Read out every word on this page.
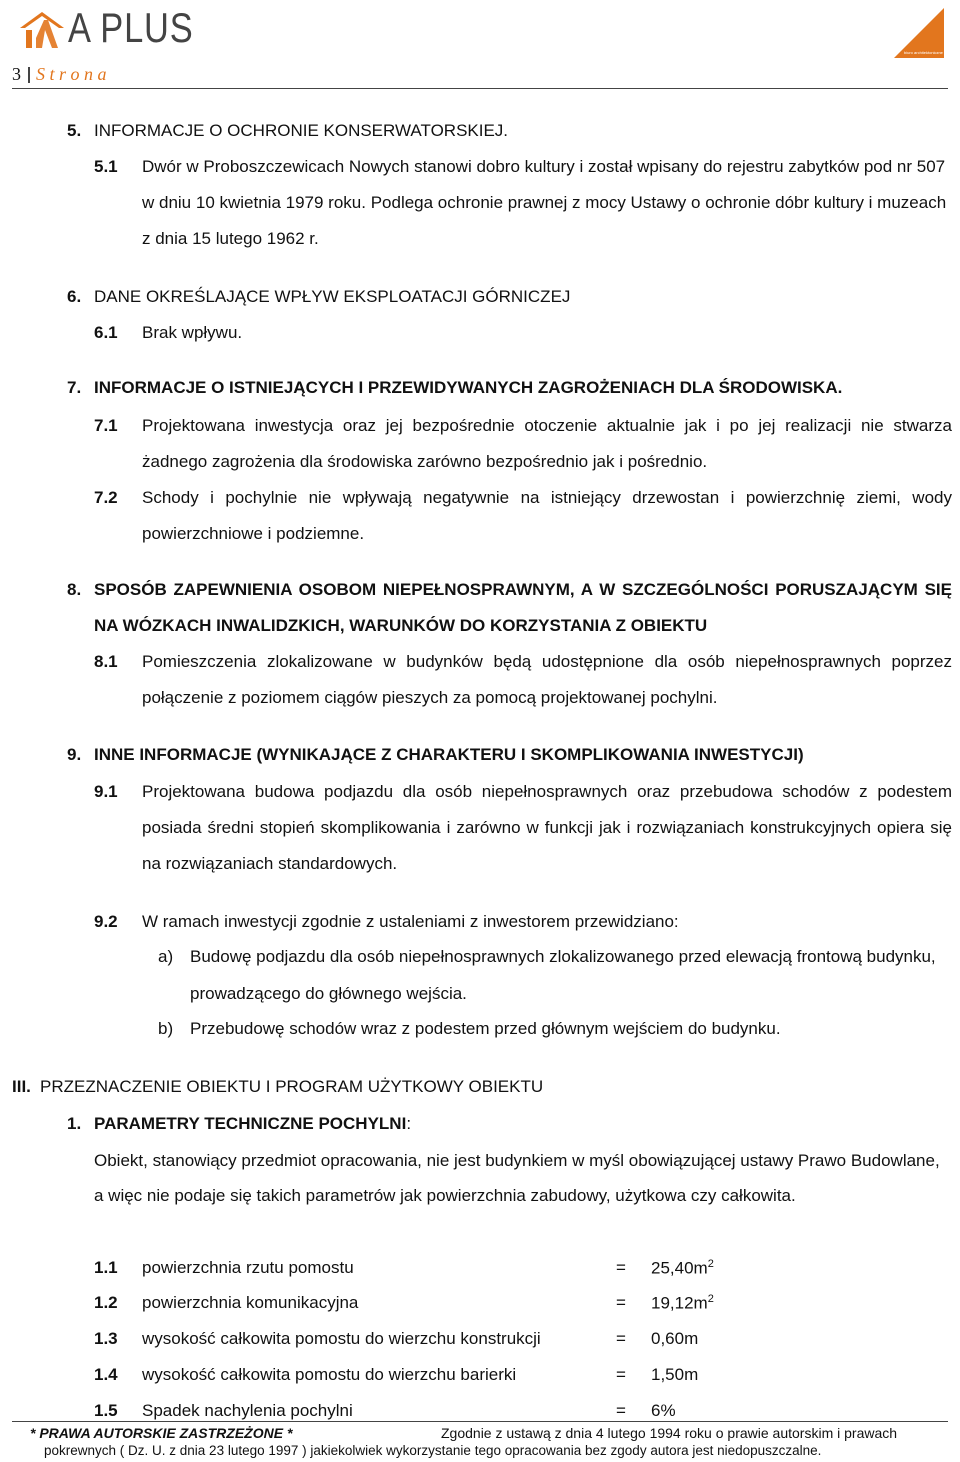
A PLUS
3 S t r o n a
biuro architektoniczne
5. INFORMACJE O OCHRONIE KONSERWATORSKIEJ.
5.1 Dwór w Proboszczewicach Nowych stanowi dobro kultury i został wpisany do rejestru zabytków pod nr 507
w dniu 10 kwietnia 1979 roku. Podlega ochronie prawnej z mocy Ustawy o ochronie dóbr kultury i muzeach
z dnia 15 lutego 1962 r.
6. DANE OKREŚLAJĄCE WPŁYW EKSPLOATACJI GÓRNICZEJ
6.1 Brak wpływu.
7. INFORMACJE O ISTNIEJĄCYCH I PRZEWIDYWANYCH ZAGROŻENIACH DLA ŚRODOWISKA.
7.1 Projektowana inwestycja oraz jej bezpośrednie otoczenie aktualnie jak i po jej realizacji nie stwarza
żadnego zagrożenia dla środowiska zarówno bezpośrednio jak i pośrednio.
7.2 Schody i pochylnie nie wpływają negatywnie na istniejący drzewostan i powierzchnię ziemi, wody
powierzchniowe i podziemne.
8. SPOSÓB ZAPEWNIENIA OSOBOM NIEPEŁNOSPRAWNYM, A W SZCZEGÓLNOŚCI PORUSZAJĄCYM SIĘ
NA WÓZKACH INWALIDZKICH, WARUNKÓW DO KORZYSTANIA Z OBIEKTU
8.1 Pomieszczenia zlokalizowane w budynków będą udostępnione dla osób niepełnosprawnych poprzez
połączenie z poziomem ciągów pieszych za pomocą projektowanej pochylni.
9. INNE INFORMACJE (WYNIKAJĄCE Z CHARAKTERU I SKOMPLIKOWANIA INWESTYCJI)
9.1 Projektowana budowa podjazdu dla osób niepełnosprawnych oraz przebudowa schodów z podestem
posiada średni stopień skomplikowania i zarówno w funkcji jak i rozwiązaniach konstrukcyjnych opiera się
na rozwiązaniach standardowych.
9.2 W ramach inwestycji zgodnie z ustaleniami z inwestorem przewidziano:
a) Budowę podjazdu dla osób niepełnosprawnych zlokalizowanego przed elewacją frontową budynku,
prowadzącego do głównego wejścia.
b) Przebudowę schodów wraz z podestem przed głównym wejściem do budynku.
III. PRZEZNACZENIE OBIEKTU I PROGRAM UŻYTKOWY OBIEKTU
1. PARAMETRY TECHNICZNE POCHYLNI:
Obiekt, stanowiący przedmiot opracowania, nie jest budynkiem w myśl obowiązującej ustawy Prawo Budowlane,
a więc nie podaje się takich parametrów jak powierzchnia zabudowy, użytkowa czy całkowita.
1.1 powierzchnia rzutu pomostu	= $25,40m^2$
1.2 powierzchnia komunikacyjna	= $19,12m^2$
1.3 wysokość całkowita pomostu do wierzchu konstrukcji	= 0,60m
1.4 wysokość całkowita pomostu do wierzchu barierki	= 1,50m
1.5 Spadek nachylenia pochylni	= 6%
* PRAWA AUTORSKIE ZASTRZEŻONE *	Zgodnie z ustawą z dnia 4 lutego 1994 roku o prawie autorskim i prawach
pokrewnych ( Dz. U. z dnia 23 lutego 1997 ) jakiekolwiek wykorzystanie tego opracowania bez zgody autora jest niedopuszczalne.
